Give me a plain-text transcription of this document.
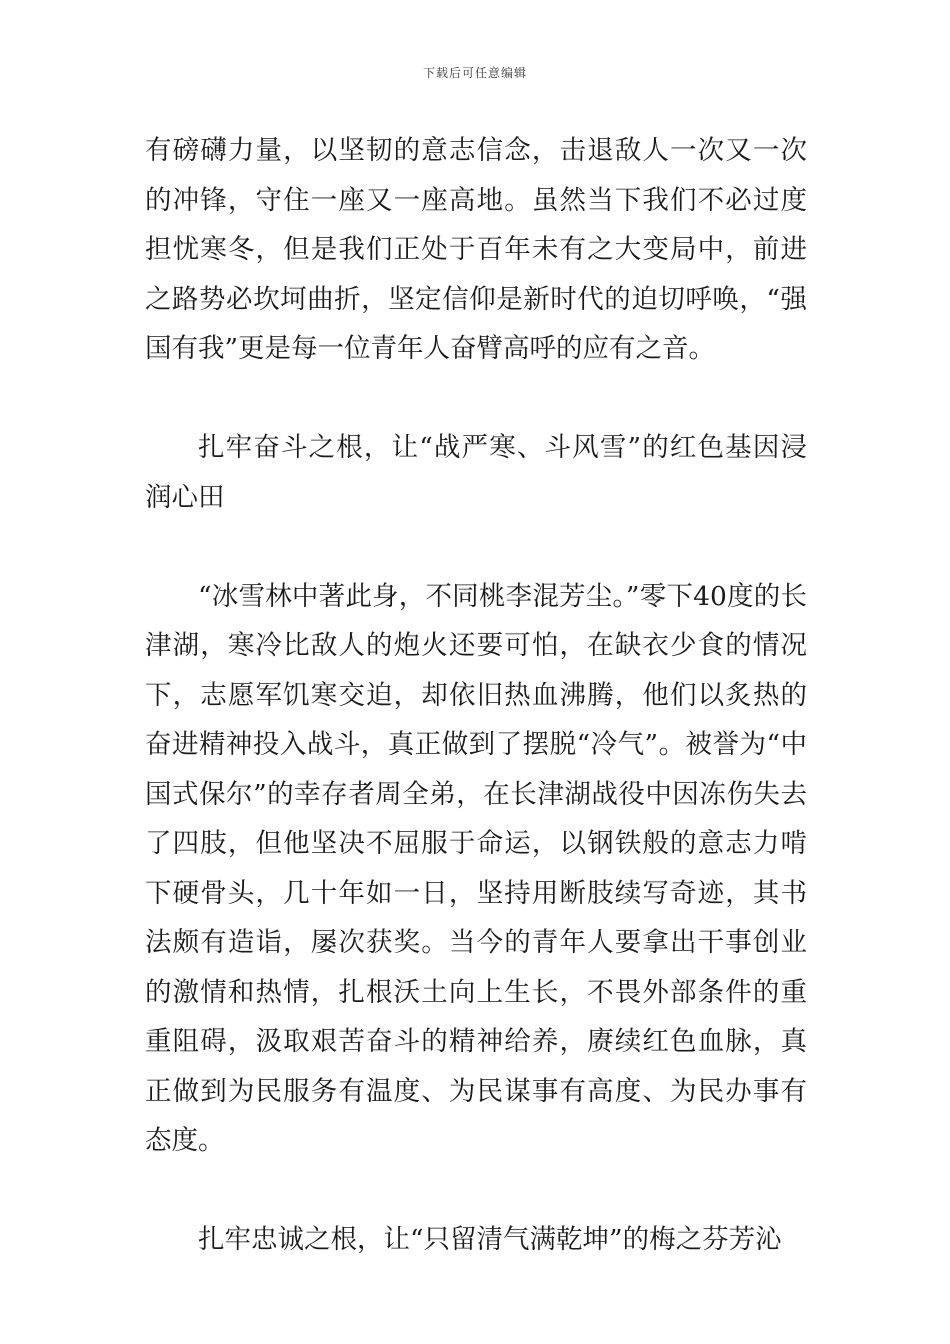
下载后可任意编辑

有磅礴力量，以坚韧的意志信念，击退敌人一次又一次的冲锋，守住一座又一座高地。虽然当下我们不必过度担忧寒冬，但是我们正处于百年未有之大变局中，前进之路势必坎坷曲折，坚定信仰是新时代的迫切呼唤，“强国有我”更是每一位青年人奋臂高呼的应有之音。

扎牢奋斗之根，让“战严寒、斗风雪”的红色基因浸润心田

“冰雪林中著此身，不同桃李混芳尘。”零下40度的长津湖，寒冷比敌人的炮火还要可怕，在缺衣少食的情况下，志愿军饥寒交迫，却依旧热血沸腾，他们以炙热的奋进精神投入战斗，真正做到了摆脱“冷气”。被誉为“中国式保尔”的幸存者周全弟，在长津湖战役中因冻伤失去了四肢，但他坚决不屈服于命运，以钢铁般的意志力啃下硬骨头，几十年如一日，坚持用断肢续写奇迹，其书法颇有造诣，屡次获奖。当今的青年人要拿出干事创业的激情和热情，扎根沃土向上生长，不畏外部条件的重重阻碍，汲取艰苦奋斗的精神给养，赓续红色血脉，真正做到为民服务有温度、为民谋事有高度、为民办事有态度。

扎牢忠诚之根，让“只留清气满乾坤”的梅之芬芳沁
